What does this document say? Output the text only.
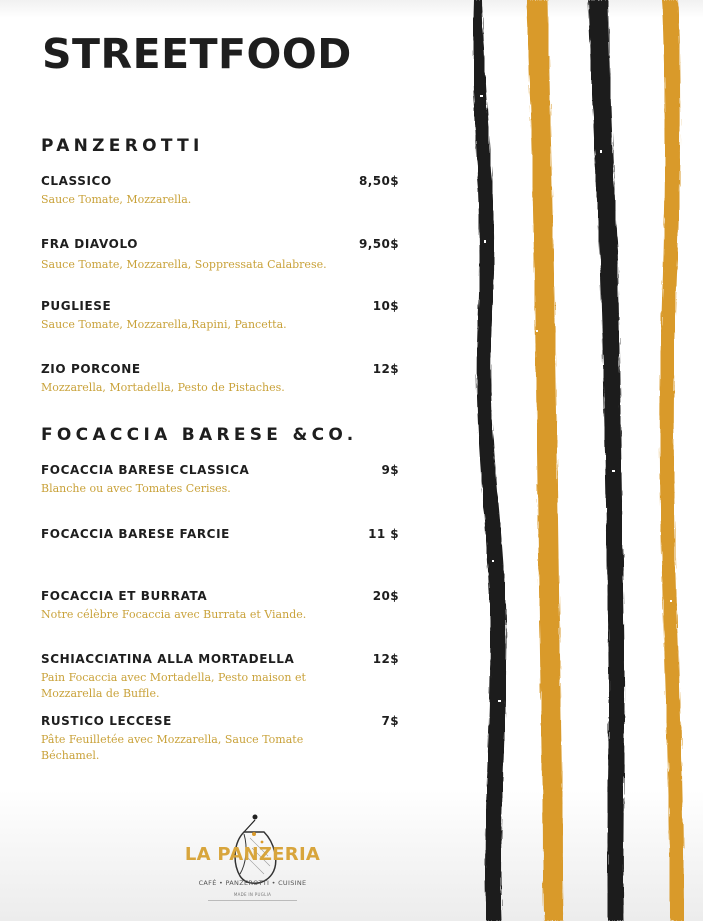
STREETFOOD
PANZEROTTI
CLASSICO	8,50$
Sauce Tomate, Mozzarella.
FRA DIAVOLO	9,50$
Sauce Tomate, Mozzarella, Soppressata Calabrese.
PUGLIESE	10$
Sauce Tomate, Mozzarella,Rapini, Pancetta.
ZIO PORCONE	12$
Mozzarella, Mortadella, Pesto de Pistaches.
FOCACCIA BARESE &CO.
FOCACCIA BARESE CLASSICA	9$
Blanche ou avec Tomates Cerises.
FOCACCIA BARESE FARCIE	11 $
FOCACCIA ET BURRATA	20$
Notre célèbre Focaccia avec Burrata et Viande.
SCHIACCIATINA ALLA MORTADELLA	12$
Pain Focaccia avec Mortadella, Pesto maison et Mozzarella de Buffle.
RUSTICO LECCESE	7$
Pâte Feuilletée avec Mozzarella, Sauce Tomate Béchamel.
LA PANZERIA
CAFÉ • PANZEROTTI • CUISINE
MADE IN PUGLIA
